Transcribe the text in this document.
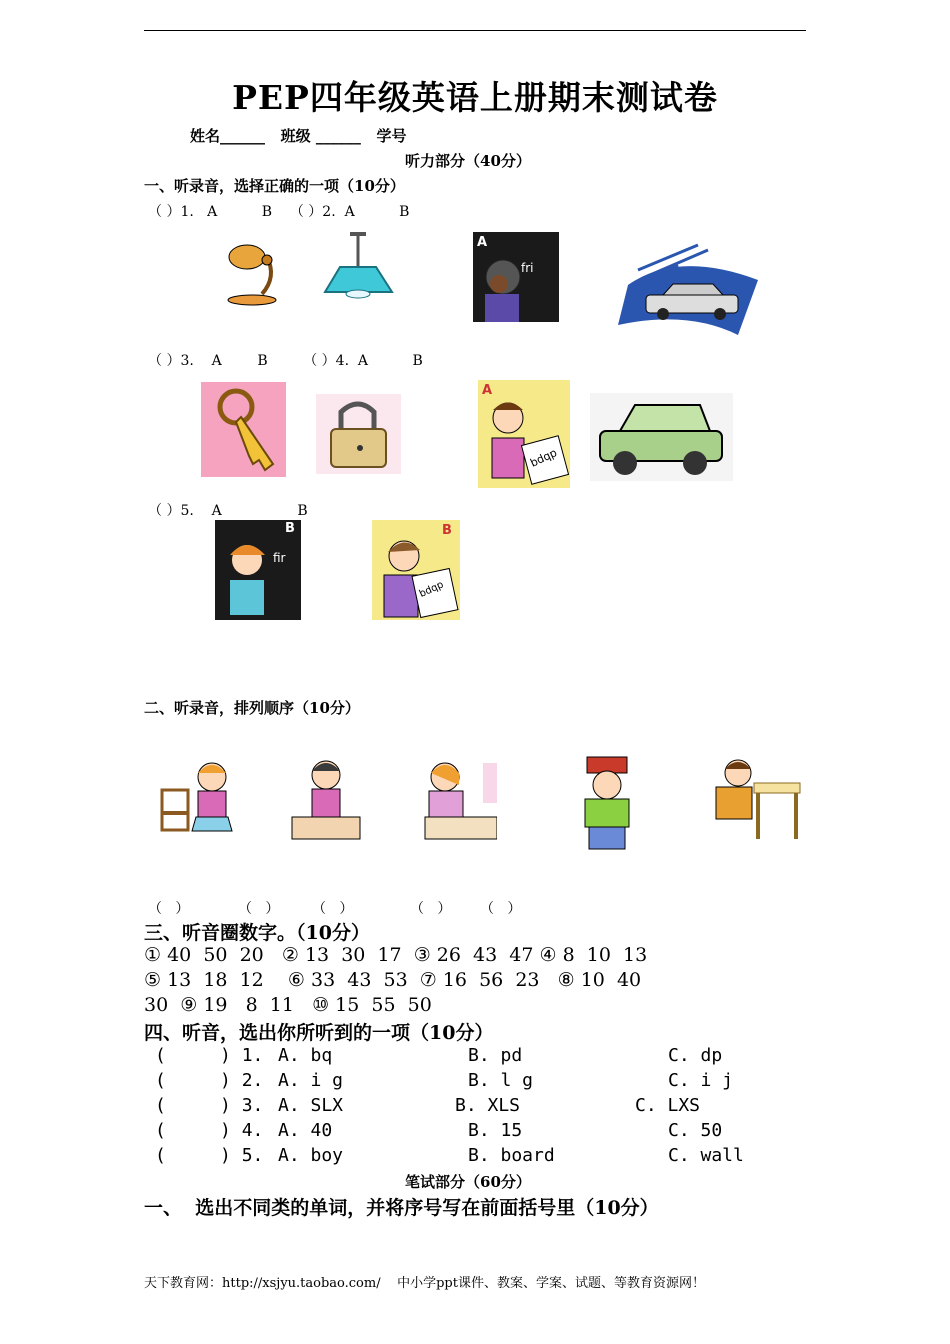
PEP四年级英语上册期末测试卷
姓名______   班级 ______   学号
听力部分（40分）
一、听录音，选择正确的一项（10分）
（ ）1.   A          B    （ ）2.  A          B
A
fri
（ ）3.    A        B        （ ）4.  A          B
A
bdqp
（ ）5.    A                 B
B
fir
B
bdqp
二、听录音，排列顺序（10分）
（   ）	（   ） （   ）	（   ） （   ）
三、听音圈数字。（10分）
① 40  50  20   ② 13  30  17  ③ 26  43  47 ④ 8  10  13
⑤ 13  18  12    ⑥ 33  43  53  ⑦ 16  56  23   ⑧ 10  40
30  ⑨ 19   8  11   ⑩ 15  55  50
四、听音，选出你所听到的一项（10分）
(     ) 1. A. bq	B. pd	C. dp
(     ) 2. A. i g	B. l g	C. i j
(     ) 3. A. SLX	B. XLS	C. LXS
(     ) 4. A. 40	B. 15	C. 50
(     ) 5. A. boy	B. board	C. wall
笔试部分（60分）
一、  选出不同类的单词，并将序号写在前面括号里（10分）
天下教育网：http://xsjyu.taobao.com/    中小学ppt课件、教案、学案、试题、等教育资源网！
